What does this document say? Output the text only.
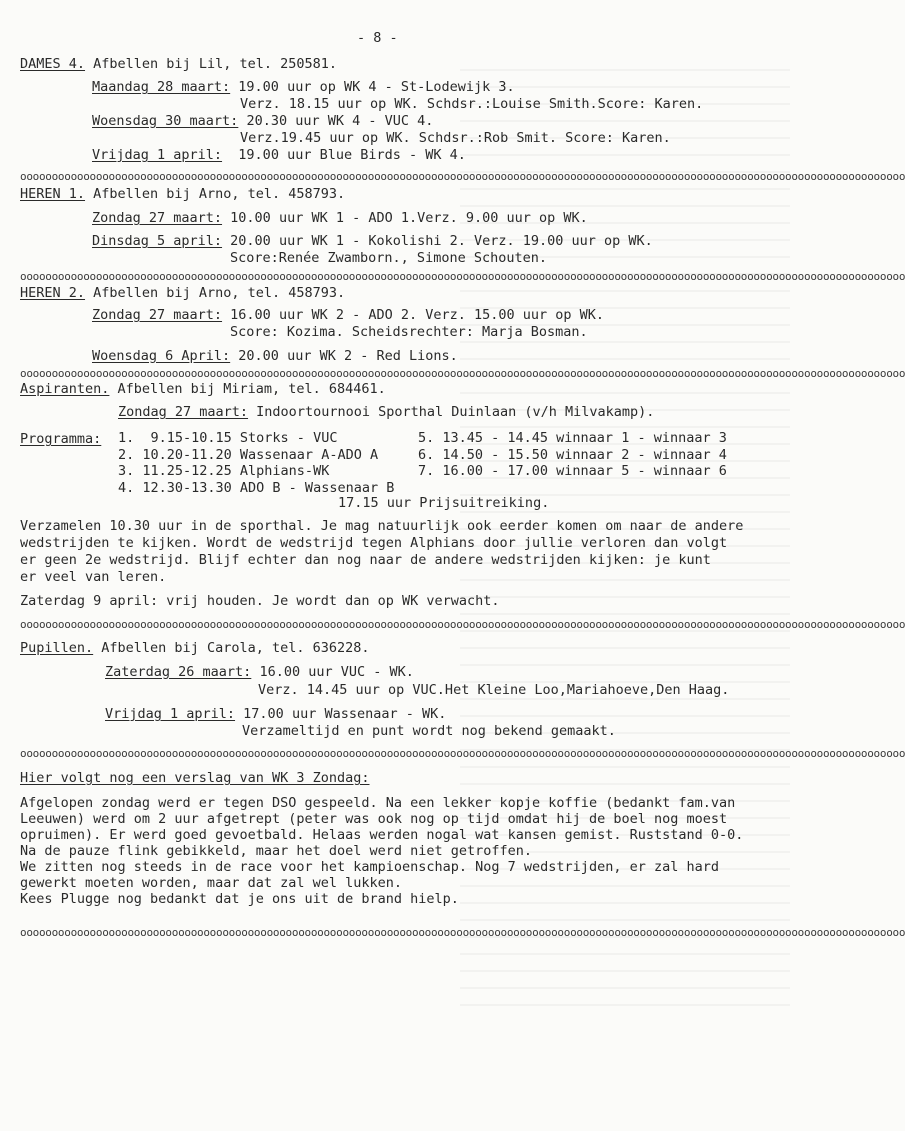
- 8 -
DAMES 4. Afbellen bij Lil, tel. 250581.
Maandag 28 maart: 19.00 uur op WK 4 - St-Lodewijk 3.
Verz. 18.15 uur op WK. Schdsr.:Louise Smith.Score: Karen.
Woensdag 30 maart: 20.30 uur WK 4 - VUC 4.
Verz.19.45 uur op WK. Schdsr.:Rob Smit. Score: Karen.
Vrijdag 1 april:  19.00 uur Blue Birds - WK 4.
oooooooooooooooooooooooooooooooooooooooooooooooooooooooooooooooooooooooooooooooooooooooooooooooooooooooooooooooooooooooooooooooooooooooooooo
HEREN 1. Afbellen bij Arno, tel. 458793.
Zondag 27 maart: 10.00 uur WK 1 - ADO 1.Verz. 9.00 uur op WK.
Dinsdag 5 april: 20.00 uur WK 1 - Kokolishi 2. Verz. 19.00 uur op WK.
Score:Renée Zwamborn., Simone Schouten.
oooooooooooooooooooooooooooooooooooooooooooooooooooooooooooooooooooooooooooooooooooooooooooooooooooooooooooooooooooooooooooooooooooooooooooo
HEREN 2. Afbellen bij Arno, tel. 458793.
Zondag 27 maart: 16.00 uur WK 2 - ADO 2. Verz. 15.00 uur op WK.
Score: Kozima. Scheidsrechter: Marja Bosman.
Woensdag 6 April: 20.00 uur WK 2 - Red Lions.
oooooooooooooooooooooooooooooooooooooooooooooooooooooooooooooooooooooooooooooooooooooooooooooooooooooooooooooooooooooooooooooooooooooooooooo
Aspiranten. Afbellen bij Miriam, tel. 684461.
Zondag 27 maart: Indoortournooi Sporthal Duinlaan (v/h Milvakamp).
Programma: 1.  9.15-10.15 Storks - VUC
2. 10.20-11.20 Wassenaar A-ADO A
3. 11.25-12.25 Alphians-WK
4. 12.30-13.30 ADO B - Wassenaar B
5. 13.45 - 14.45 winnaar 1 - winnaar 3
6. 14.50 - 15.50 winnaar 2 - winnaar 4
7. 16.00 - 17.00 winnaar 5 - winnaar 6
17.15 uur Prijsuitreiking.
Verzamelen 10.30 uur in de sporthal. Je mag natuurlijk ook eerder komen om naar de andere
wedstrijden te kijken. Wordt de wedstrijd tegen Alphians door jullie verloren dan volgt
er geen 2e wedstrijd. Blijf echter dan nog naar de andere wedstrijden kijken: je kunt
er veel van leren.
Zaterdag 9 april: vrij houden. Je wordt dan op WK verwacht.
oooooooooooooooooooooooooooooooooooooooooooooooooooooooooooooooooooooooooooooooooooooooooooooooooooooooooooooooooooooooooooooooooooooooooooo
Pupillen. Afbellen bij Carola, tel. 636228.
Zaterdag 26 maart: 16.00 uur VUC - WK.
Verz. 14.45 uur op VUC.Het Kleine Loo,Mariahoeve,Den Haag.
Vrijdag 1 april: 17.00 uur Wassenaar - WK.
Verzameltijd en punt wordt nog bekend gemaakt.
oooooooooooooooooooooooooooooooooooooooooooooooooooooooooooooooooooooooooooooooooooooooooooooooooooooooooooooooooooooooooooooooooooooooooooo
Hier volgt nog een verslag van WK 3 Zondag:
Afgelopen zondag werd er tegen DSO gespeeld. Na een lekker kopje koffie (bedankt fam.van
Leeuwen) werd om 2 uur afgetrept (peter was ook nog op tijd omdat hij de boel nog moest
opruimen). Er werd goed gevoetbald. Helaas werden nogal wat kansen gemist. Ruststand 0-0.
Na de pauze flink gebikkeld, maar het doel werd niet getroffen.
We zitten nog steeds in de race voor het kampioenschap. Nog 7 wedstrijden, er zal hard
gewerkt moeten worden, maar dat zal wel lukken.
Kees Plugge nog bedankt dat je ons uit de brand hielp.
oooooooooooooooooooooooooooooooooooooooooooooooooooooooooooooooooooooooooooooooooooooooooooooooooooooooooooooooooooooooooooooooooooooooooooo
